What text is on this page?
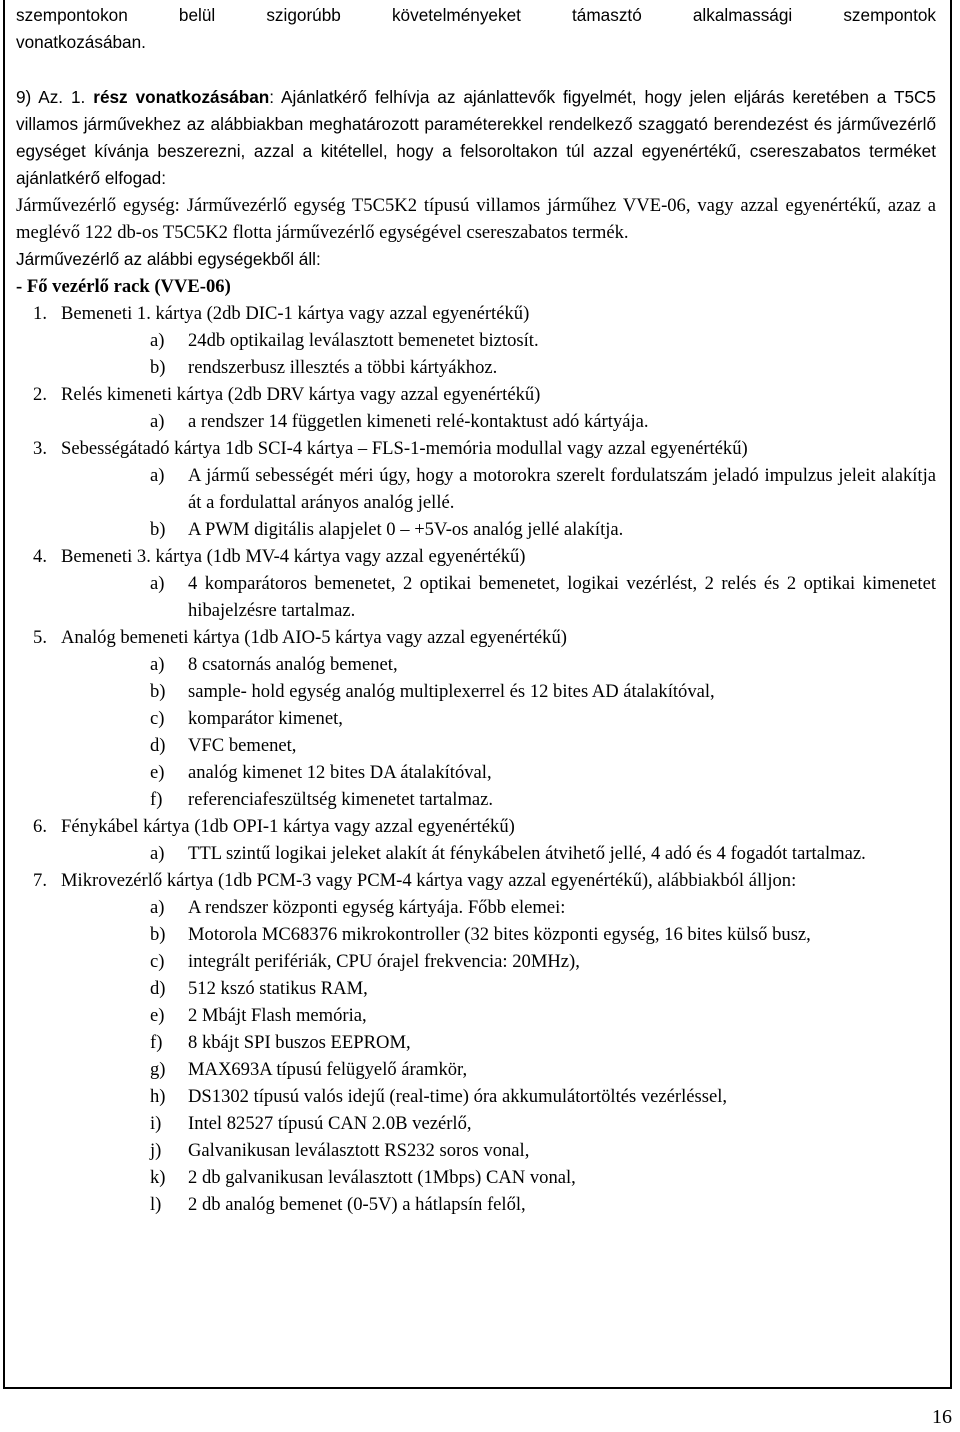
szempontokon belül szigorúbb követelményeket támasztó alkalmassági szempontok

vonatkozásában.

9) Az. 1. rész vonatkozásában: Ajánlatkérő felhívja az ajánlattevők figyelmét, hogy jelen eljárás keretében a T5C5 villamos járművekhez az alábbiakban meghatározott paraméterekkel rendelkező szaggató berendezést és járművezérlő egységet kívánja beszerezni, azzal a kitétellel, hogy a felsoroltakon túl azzal egyenértékű, csereszabatos terméket ajánlatkérő elfogad:

Járművezérlő egység: Járművezérlő egység T5C5K2 típusú villamos járműhez VVE-06, vagy azzal egyenértékű, azaz a meglévő 122 db-os T5C5K2 flotta járművezérlő egységével csereszabatos termék.

Járművezérlő az alábbi egységekből áll:

- Fő vezérlő rack (VVE-06)

1. Bemeneti 1. kártya (2db DIC-1 kártya vagy azzal egyenértékű)
a)	24db optikailag leválasztott bemenetet biztosít.
b)	rendszerbusz illesztés a többi kártyákhoz.
2. Relés kimeneti kártya (2db DRV kártya vagy azzal egyenértékű)
a)	a rendszer 14 független kimeneti relé-kontaktust adó kártyája.
3. Sebességátadó kártya 1db SCI-4 kártya – FLS-1-memória modullal vagy azzal egyenértékű)
a)	A jármű sebességét méri úgy, hogy a motorokra szerelt fordulatszám jeladó impulzus jeleit alakítja át a fordulattal arányos analóg jellé.
b)	A PWM digitális alapjelet 0 – +5V-os analóg jellé alakítja.
4. Bemeneti 3. kártya (1db MV-4 kártya vagy azzal egyenértékű)
a)	4 komparátoros bemenetet, 2 optikai bemenetet, logikai vezérlést, 2 relés és 2 optikai kimenetet hibajelzésre tartalmaz.
5. Analóg bemeneti kártya (1db AIO-5 kártya vagy azzal egyenértékű)
a)	8 csatornás analóg bemenet,
b)	sample- hold egység analóg multiplexerrel és 12 bites AD átalakítóval,
c)	komparátor kimenet,
d)	VFC bemenet,
e)	analóg kimenet 12 bites DA átalakítóval,
f)	referenciafeszültség kimenetet tartalmaz.
6. Fénykábel kártya (1db OPI-1 kártya vagy azzal egyenértékű)
a)	TTL szintű logikai jeleket alakít át fénykábelen átvihető jellé, 4 adó és 4 fogadót tartalmaz.
7. Mikrovezérlő kártya (1db PCM-3 vagy PCM-4 kártya vagy azzal egyenértékű), alábbiakból álljon:
a)	A rendszer központi egység kártyája. Főbb elemei:
b)	Motorola MC68376 mikrokontroller (32 bites központi egység, 16 bites külső busz,
c)	integrált perifériák, CPU órajel frekvencia: 20MHz),
d)	512 kszó statikus RAM,
e)	2 Mbájt Flash memória,
f)	8 kbájt SPI buszos EEPROM,
g)	MAX693A típusú felügyelő áramkör,
h)	DS1302 típusú valós idejű (real-time) óra akkumulátortöltés vezérléssel,
i)	Intel 82527 típusú CAN 2.0B vezérlő,
j)	Galvanikusan leválasztott RS232 soros vonal,
k)	2 db galvanikusan leválasztott (1Mbps) CAN vonal,
l)	2 db analóg bemenet (0-5V) a hátlapsín felől,
16
